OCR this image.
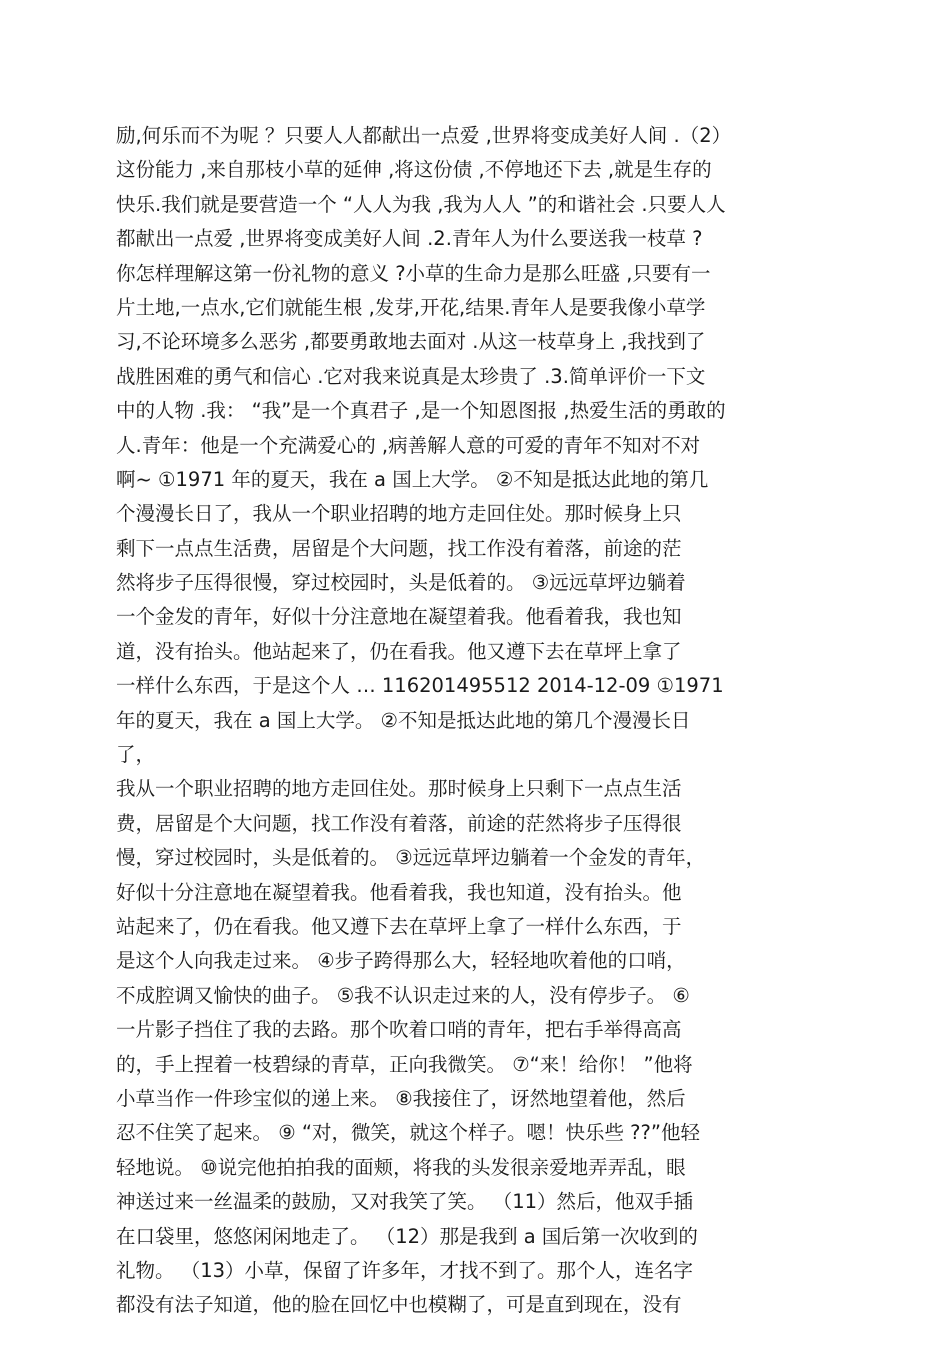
励,何乐而不为呢 ？只要人人都献出一点爱 ,世界将变成美好人间 .（2）
这份能力 ,来自那枝小草的延伸 ,将这份债 ,不停地还下去 ,就是生存的
快乐.我们就是要营造一个 “人人为我 ,我为人人 ”的和谐社会 .只要人人
都献出一点爱 ,世界将变成美好人间 .2.青年人为什么要送我一枝草 ?
你怎样理解这第一份礼物的意义 ?小草的生命力是那么旺盛 ,只要有一
片土地,一点水,它们就能生根 ,发芽,开花,结果.青年人是要我像小草学
习,不论环境多么恶劣 ,都要勇敢地去面对 .从这一枝草身上 ,我找到了
战胜困难的勇气和信心 .它对我来说真是太珍贵了 .3.简单评价一下文
中的人物 .我： “我”是一个真君子 ,是一个知恩图报 ,热爱生活的勇敢的
人.青年：他是一个充满爱心的 ,病善解人意的可爱的青年不知对不对
啊~ ①1971 年的夏天，我在 a 国上大学。 ②不知是抵达此地的第几
个漫漫长日了，我从一个职业招聘的地方走回住处。那时候身上只
剩下一点点生活费，居留是个大问题，找工作没有着落，前途的茫
然将步子压得很慢，穿过校园时，头是低着的。 ③远远草坪边躺着
一个金发的青年，好似十分注意地在凝望着我。他看着我，我也知
道，没有抬头。他站起来了，仍在看我。他又遵下去在草坪上拿了
一样什么东西，于是这个人 … 116201495512 2014-12-09 ①1971
年的夏天，我在 a 国上大学。 ②不知是抵达此地的第几个漫漫长日
了，
我从一个职业招聘的地方走回住处。那时候身上只剩下一点点生活
费，居留是个大问题，找工作没有着落，前途的茫然将步子压得很
慢，穿过校园时，头是低着的。 ③远远草坪边躺着一个金发的青年，
好似十分注意地在凝望着我。他看着我，我也知道，没有抬头。他
站起来了，仍在看我。他又遵下去在草坪上拿了一样什么东西，于
是这个人向我走过来。 ④步子跨得那么大，轻轻地吹着他的口哨，
不成腔调又愉快的曲子。 ⑤我不认识走过来的人，没有停步子。 ⑥
一片影子挡住了我的去路。那个吹着口哨的青年，把右手举得高高
的，手上捏着一枝碧绿的青草，正向我微笑。 ⑦“来！给你！ ”他将
小草当作一件珍宝似的递上来。 ⑧我接住了，讶然地望着他，然后
忍不住笑了起来。 ⑨ “对，微笑，就这个样子。嗯！快乐些 ??”他轻
轻地说。 ⑩说完他拍拍我的面颊，将我的头发很亲爱地弄弄乱，眼
神送过来一丝温柔的鼓励，又对我笑了笑。 （11）然后，他双手插
在口袋里，悠悠闲闲地走了。 （12）那是我到 a 国后第一次收到的
礼物。 （13）小草，保留了许多年，才找不到了。那个人，连名字
都没有法子知道，他的脸在回忆中也模糊了，可是直到现在，没有
